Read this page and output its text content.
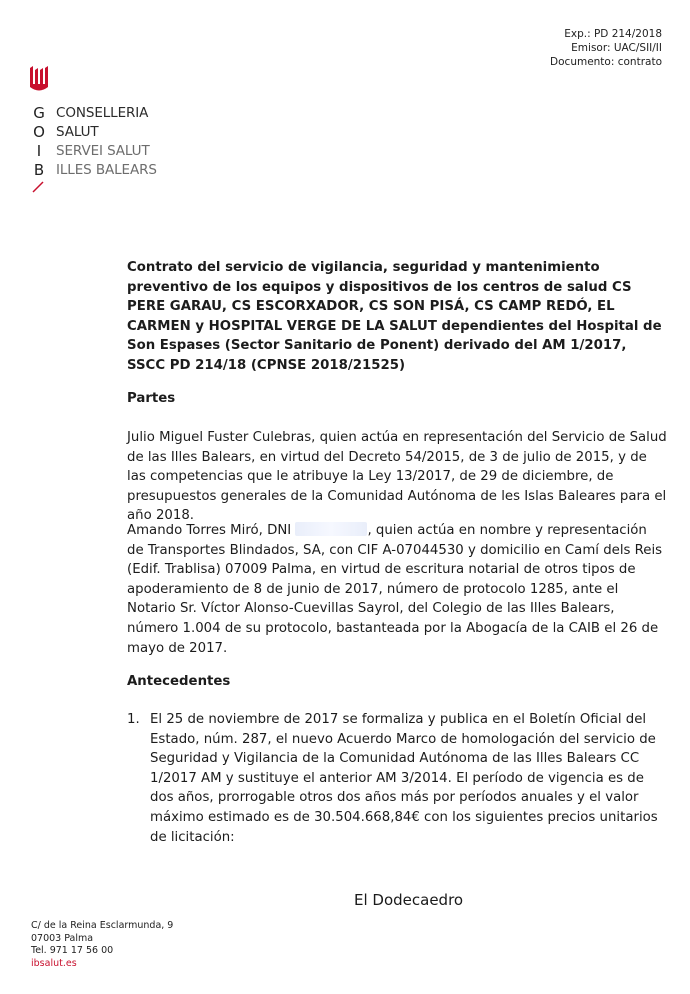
Exp.: PD 214/2018
Emisor: UAC/SII/II
Documento: contrato
G
O
I
B
CONSELLERIA
SALUT
SERVEI SALUT
ILLES BALEARS
Contrato del servicio de vigilancia, seguridad y mantenimiento preventivo de los equipos y dispositivos de los centros de salud CS PERE GARAU, CS ESCORXADOR, CS SON PISÁ, CS CAMP REDÓ, EL CARMEN y HOSPITAL VERGE DE LA SALUT dependientes del Hospital de Son Espases (Sector Sanitario de Ponent) derivado del AM 1/2017, SSCC PD 214/18 (CPNSE 2018/21525)
Partes
Julio Miguel Fuster Culebras, quien actúa en representación del Servicio de Salud de las Illes Balears, en virtud del Decreto 54/2015, de 3 de julio de 2015, y de las competencias que le atribuye la Ley 13/2017, de 29 de diciembre, de presupuestos generales de la Comunidad Autónoma de les Islas Baleares para el año 2018.
Amando Torres Miró, DNI	, quien actúa en nombre y representación de Transportes Blindados, SA, con CIF A-07044530 y domicilio en Camí dels Reis (Edif. Trablisa) 07009 Palma, en virtud de escritura notarial de otros tipos de apoderamiento de 8 de junio de 2017, número de protocolo 1285, ante el Notario Sr. Víctor Alonso-Cuevillas Sayrol, del Colegio de las Illes Balears, número 1.004 de su protocolo, bastanteada por la Abogacía de la CAIB el 26 de mayo de 2017.
Antecedentes
1. El 25 de noviembre de 2017 se formaliza y publica en el Boletín Oficial del Estado, núm. 287, el nuevo Acuerdo Marco de homologación del servicio de Seguridad y Vigilancia de la Comunidad Autónoma de las Illes Balears CC 1/2017 AM y sustituye el anterior AM 3/2014. El período de vigencia es de dos años, prorrogable otros dos años más por períodos anuales y el valor máximo estimado es de 30.504.668,84€ con los siguientes precios unitarios de licitación:
El Dodecaedro
C/ de la Reina Esclarmunda, 9
07003 Palma
Tel. 971 17 56 00
ibsalut.es
